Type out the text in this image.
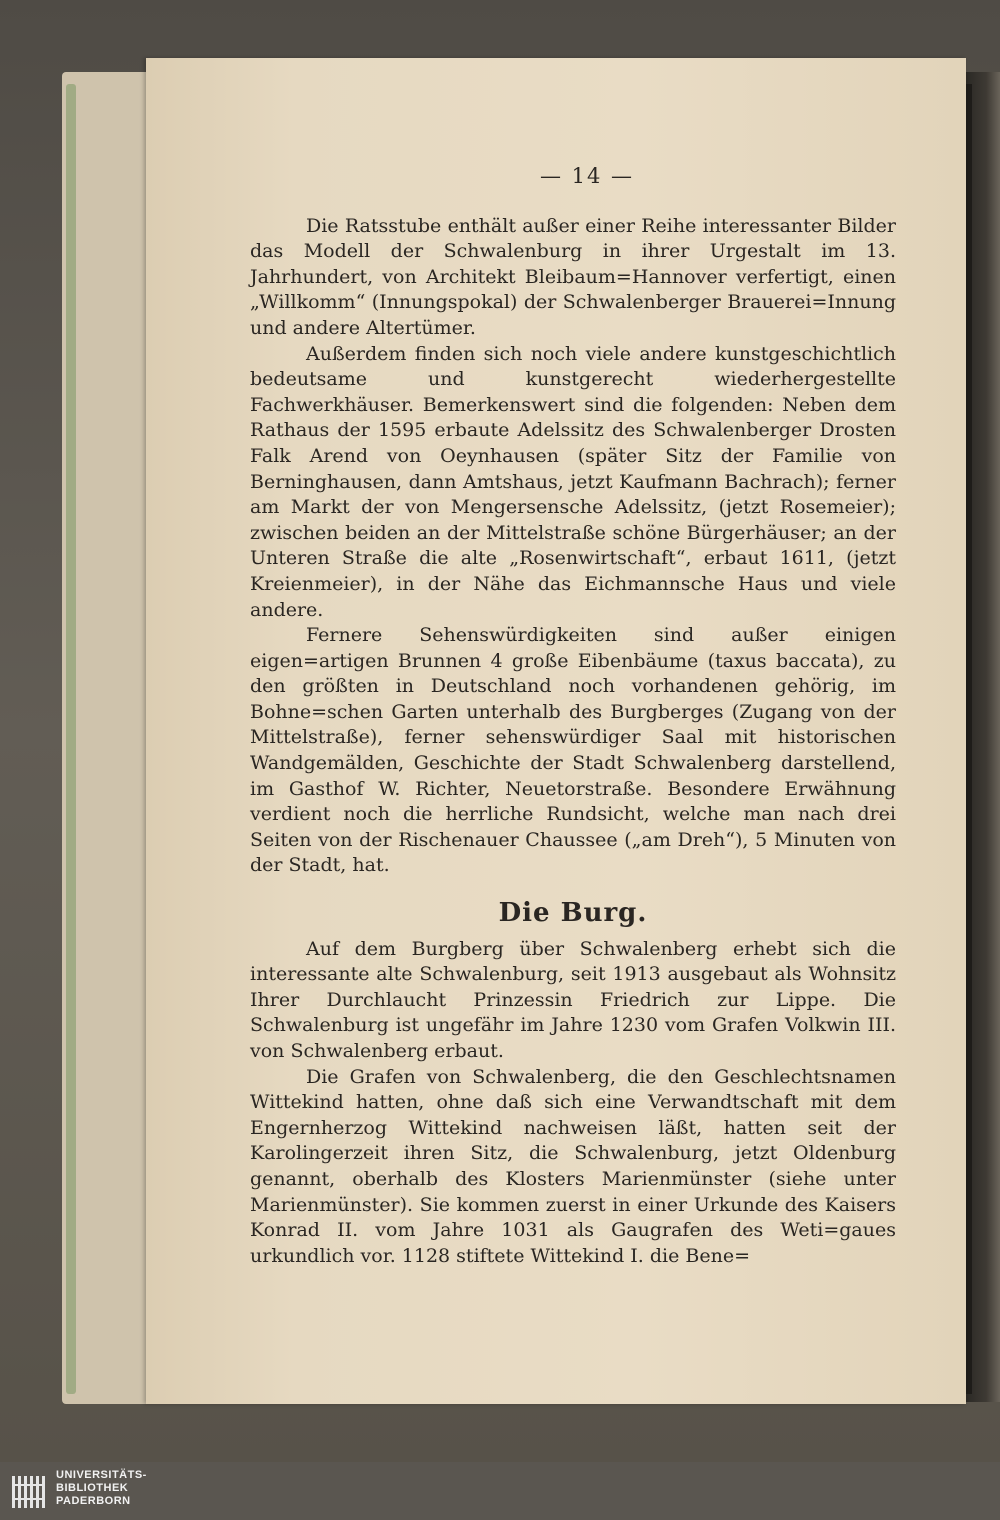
— 14 —

Die Ratsstube enthält außer einer Reihe interessanter Bilder das Modell der Schwalenburg in ihrer Urgestalt im 13. Jahrhundert, von Architekt Bleibaum=Hannover verfertigt, einen „Willkomm“ (Innungspokal) der Schwalenberger Brauerei=Innung und andere Altertümer.

Außerdem finden sich noch viele andere kunstgeschichtlich bedeutsame und kunstgerecht wiederhergestellte Fachwerkhäuser. Bemerkenswert sind die folgenden: Neben dem Rathaus der 1595 erbaute Adelssitz des Schwalenberger Drosten Falk Arend von Oeynhausen (später Sitz der Familie von Berninghausen, dann Amtshaus, jetzt Kaufmann Bachrach); ferner am Markt der von Mengersensche Adelssitz, (jetzt Rosemeier); zwischen beiden an der Mittelstraße schöne Bürgerhäuser; an der Unteren Straße die alte „Rosenwirtschaft“, erbaut 1611, (jetzt Kreienmeier), in der Nähe das Eichmannsche Haus und viele andere.

Fernere Sehenswürdigkeiten sind außer einigen eigen=artigen Brunnen 4 große Eibenbäume (taxus baccata), zu den größten in Deutschland noch vorhandenen gehörig, im Bohne=schen Garten unterhalb des Burgberges (Zugang von der Mittelstraße), ferner sehenswürdiger Saal mit historischen Wandgemälden, Geschichte der Stadt Schwalenberg darstellend, im Gasthof W. Richter, Neuetorstraße. Besondere Erwähnung verdient noch die herrliche Rundsicht, welche man nach drei Seiten von der Rischenauer Chaussee („am Dreh“), 5 Minuten von der Stadt, hat.

Die Burg.

Auf dem Burgberg über Schwalenberg erhebt sich die interessante alte Schwalenburg, seit 1913 ausgebaut als Wohnsitz Ihrer Durchlaucht Prinzessin Friedrich zur Lippe. Die Schwalenburg ist ungefähr im Jahre 1230 vom Grafen Volkwin III. von Schwalenberg erbaut.

Die Grafen von Schwalenberg, die den Geschlechtsnamen Wittekind hatten, ohne daß sich eine Verwandtschaft mit dem Engernherzog Wittekind nachweisen läßt, hatten seit der Karolingerzeit ihren Sitz, die Schwalenburg, jetzt Oldenburg genannt, oberhalb des Klosters Marienmünster (siehe unter Marienmünster). Sie kommen zuerst in einer Urkunde des Kaisers Konrad II. vom Jahre 1031 als Gaugrafen des Weti=gaues urkundlich vor. 1128 stiftete Wittekind I. die Bene=

UNIVERSITÄTS-
BIBLIOTHEK
PADERBORN
